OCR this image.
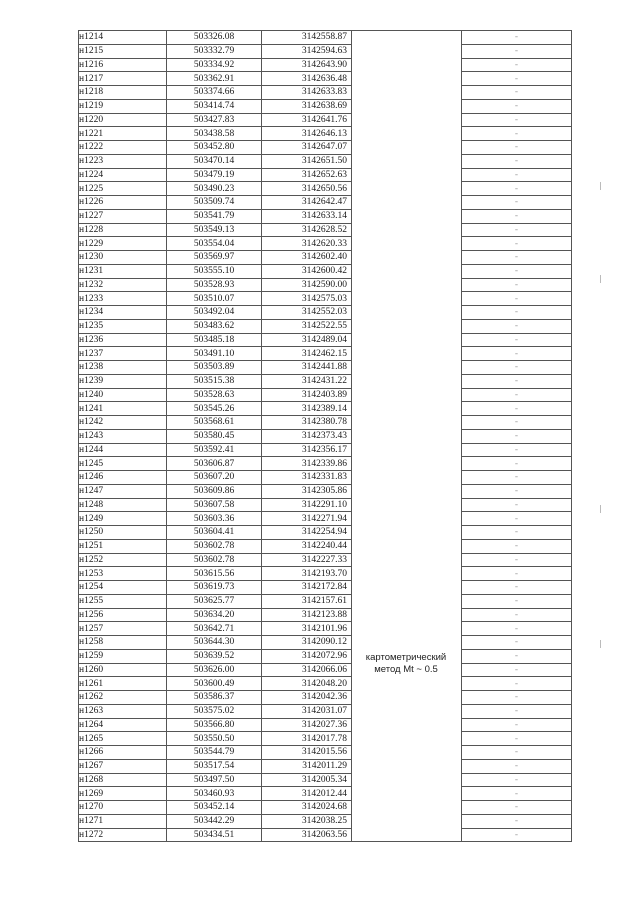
н1214	503326.08	3142558.87		-
н1215	503332.79	3142594.63		-
н1216	503334.92	3142643.90		-
н1217	503362.91	3142636.48		-
н1218	503374.66	3142633.83		-
н1219	503414.74	3142638.69		-
н1220	503427.83	3142641.76		-
н1221	503438.58	3142646.13		-
н1222	503452.80	3142647.07		-
н1223	503470.14	3142651.50		-
н1224	503479.19	3142652.63		-
н1225	503490.23	3142650.56		-
н1226	503509.74	3142642.47		-
н1227	503541.79	3142633.14		-
н1228	503549.13	3142628.52		-
н1229	503554.04	3142620.33		-
н1230	503569.97	3142602.40		-
н1231	503555.10	3142600.42		-
н1232	503528.93	3142590.00		-
н1233	503510.07	3142575.03		-
н1234	503492.04	3142552.03		-
н1235	503483.62	3142522.55		-
н1236	503485.18	3142489.04		-
н1237	503491.10	3142462.15		-
н1238	503503.89	3142441.88		-
н1239	503515.38	3142431.22		-
н1240	503528.63	3142403.89		-
н1241	503545.26	3142389.14		-
н1242	503568.61	3142380.78		-
н1243	503580.45	3142373.43		-
н1244	503592.41	3142356.17		-
н1245	503606.87	3142339.86		-
н1246	503607.20	3142331.83		-
н1247	503609.86	3142305.86		-
н1248	503607.58	3142291.10		-
н1249	503603.36	3142271.94		-
н1250	503604.41	3142254.94		-
н1251	503602.78	3142240.44		-
н1252	503602.78	3142227.33		-
н1253	503615.56	3142193.70		-
н1254	503619.73	3142172.84		-
н1255	503625.77	3142157.61		-
н1256	503634.20	3142123.88		-
н1257	503642.71	3142101.96		-
н1258	503644.30	3142090.12		-
н1259	503639.52	3142072.96		-
н1260	503626.00	3142066.06		-
н1261	503600.49	3142048.20		-
н1262	503586.37	3142042.36		-
н1263	503575.02	3142031.07		-
н1264	503566.80	3142027.36		-
н1265	503550.50	3142017.78		-
н1266	503544.79	3142015.56		-
н1267	503517.54	3142011.29		-
н1268	503497.50	3142005.34		-
н1269	503460.93	3142012.44		-
н1270	503452.14	3142024.68		-
н1271	503442.29	3142038.25		-
н1272	503434.51	3142063.56		-
картометрический
метод Mt ~ 0.5
